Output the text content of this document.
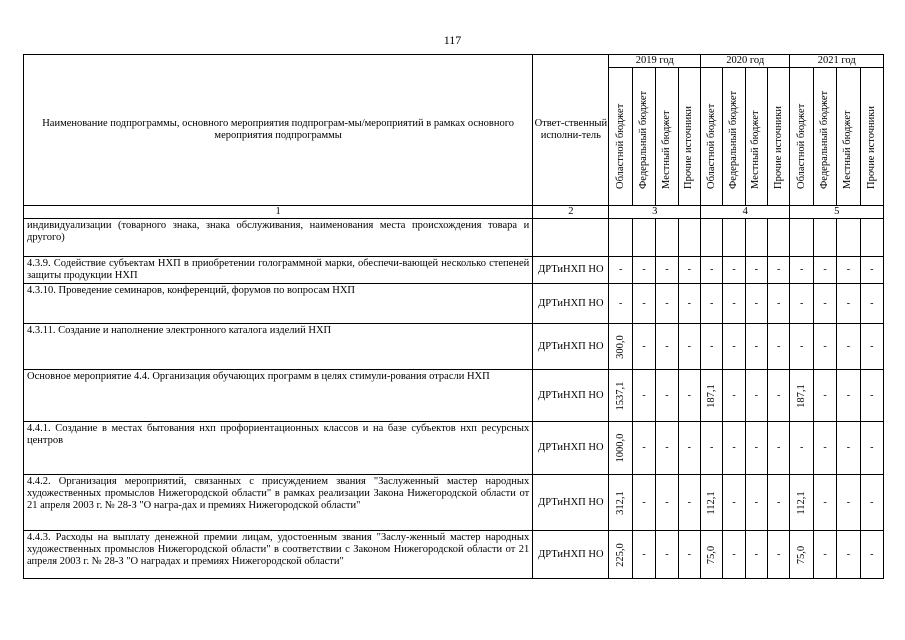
117
Наименование подпрограммы, основного мероприятия подпрограм-мы/мероприятий в рамках основного мероприятия подпрограммы	Ответ-ственный исполни-тель	2019 год				2020 год				2021 год			

		Областной бюджет	Федеральный бюджет	Местный бюджет	Прочие источники	Областной бюджет	Федеральный бюджет	Местный бюджет	Прочие источники	Областной бюджет	Федеральный бюджет	Местный бюджет	Прочие источники

1	2	3				4				5			
индивидуализации (товарного знака, знака обслуживания, наименования места происхождения товара и другого)		

4.3.9. Содействие субъектам НХП в приобретении голограммной марки, обеспечи-вающей несколько степеней защиты продукции НХП	ДРТиНХП НО	-	-	-	-	-	-	-	-	-	-	-	-

4.3.10. Проведение семинаров, конференций, форумов по вопросам НХП	ДРТиНХП НО	-	-	-	-	-	-	-	-	-	-	-	-

4.3.11. Создание и наполнение электронного каталога изделий НХП	ДРТиНХП НО	300,0	-	-	-	-	-	-	-	-	-	-	-

Основное мероприятие 4.4. Организация обучающих программ в целях стимули-рования отрасли НХП	ДРТиНХП НО	1537,1	-	-	-	187,1	-	-	-	187,1	-	-	-

4.4.1. Создание в местах бытования нхп профориентационных классов и на базе субъектов нхп ресурсных центров	ДРТиНХП НО	1000,0	-	-	-	-	-	-	-	-	-	-	-

4.4.2. Организация мероприятий, связанных с присуждением звания "Заслуженный мастер народных художественных промыслов Нижегородской области" в рамках реализации Закона Нижегородской области от 21 апреля 2003 г. № 28-З "О награ-дах и премиях Нижегородской области"	ДРТиНХП НО	312,1	-	-	-	112,1	-	-	-	112,1	-	-	-

4.4.3. Расходы на выплату денежной премии лицам, удостоенным звания "Заслу-женный мастер народных художественных промыслов Нижегородской области" в соответствии с Законом Нижегородской области от 21 апреля 2003 г. № 28-З "О наградах и премиях Нижегородской области"	ДРТиНХП НО	225,0	-	-	-	75,0	-	-	-	75,0	-	-	-
